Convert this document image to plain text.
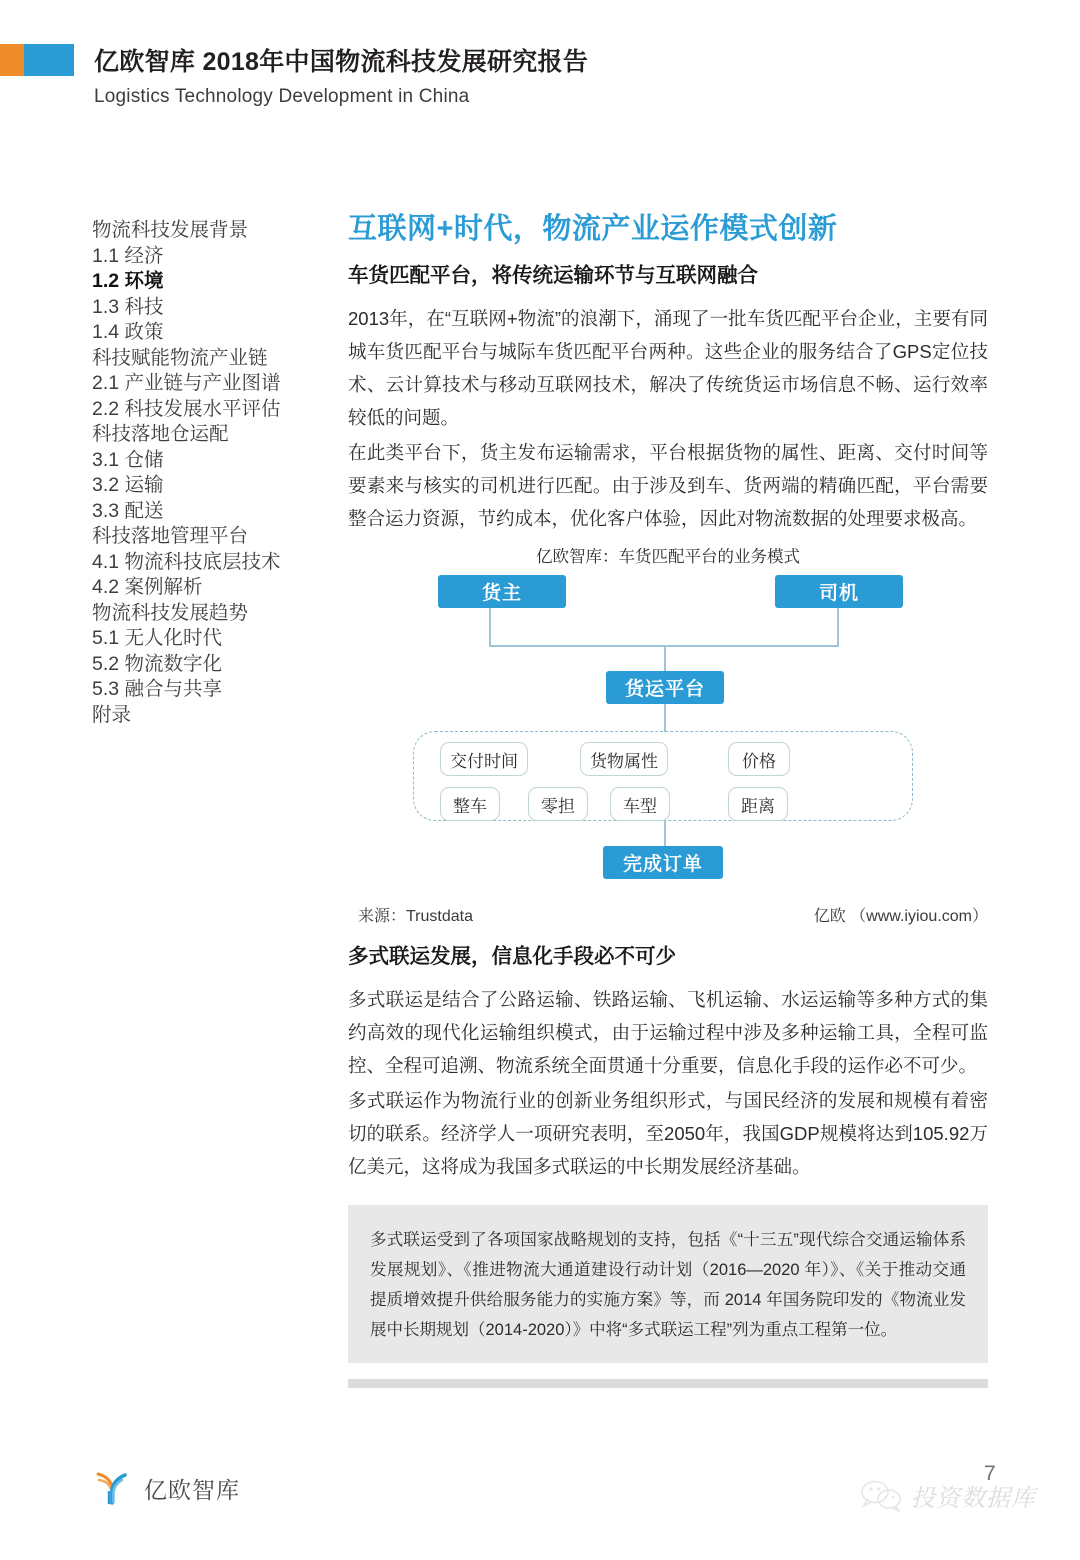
亿欧智库 2018年中国物流科技发展研究报告
Logistics Technology Development in China
物流科技发展背景
1.1 经济
1.2 环境
1.3 科技
1.4 政策
科技赋能物流产业链
2.1 产业链与产业图谱
2.2 科技发展水平评估
科技落地仓运配
3.1 仓储
3.2 运输
3.3 配送
科技落地管理平台
4.1 物流科技底层技术
4.2 案例解析
物流科技发展趋势
5.1 无人化时代
5.2 物流数字化
5.3 融合与共享
附录
互联网+时代，物流产业运作模式创新
车货匹配平台，将传统运输环节与互联网融合

2013年，在“互联网+物流”的浪潮下，涌现了一批车货匹配平台企业，主要有同城车货匹配平台与城际车货匹配平台两种。这些企业的服务结合了GPS定位技术、云计算技术与移动互联网技术，解决了传统货运市场信息不畅、运行效率较低的问题。

在此类平台下，货主发布运输需求，平台根据货物的属性、距离、交付时间等要素来与核实的司机进行匹配。由于涉及到车、货两端的精确匹配，平台需要整合运力资源，节约成本，优化客户体验，因此对物流数据的处理要求极高。

亿欧智库：车货匹配平台的业务模式
货主	司机
货运平台
交付时间	货物属性	价格
整车	零担	车型	距离
完成订单
来源：Trustdata	亿欧 （www.iyiou.com）
多式联运发展，信息化手段必不可少

多式联运是结合了公路运输、铁路运输、飞机运输、水运运输等多种方式的集约高效的现代化运输组织模式，由于运输过程中涉及多种运输工具，全程可监控、全程可追溯、物流系统全面贯通十分重要，信息化手段的运作必不可少。

多式联运作为物流行业的创新业务组织形式，与国民经济的发展和规模有着密切的联系。经济学人一项研究表明，至2050年，我国GDP规模将达到105.92万亿美元，这将成为我国多式联运的中长期发展经济基础。

多式联运受到了各项国家战略规划的支持，包括《“十三五”现代综合交通运输体系发展规划》、《推进物流大通道建设行动计划（2016—2020 年）》、《关于推动交通提质增效提升供给服务能力的实施方案》等，而 2014 年国务院印发的《物流业发展中长期规划（2014-2020）》中将“多式联运工程”列为重点工程第一位。

亿欧智库
7
投资数据库
